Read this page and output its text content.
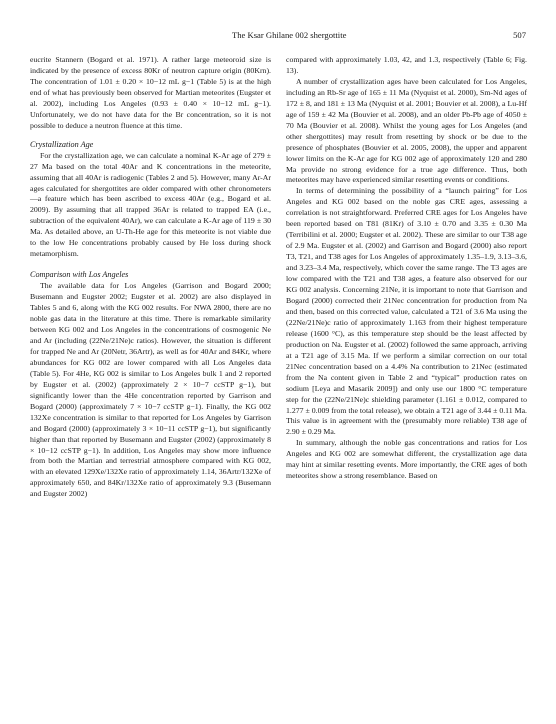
The Ksar Ghilane 002 shergottite	507

eucrite Stannern (Bogard et al. 1971). A rather large meteoroid size is indicated by the presence of excess 80Kr of neutron capture origin (80Krn). The concentration of 1.01 ± 0.20 × 10−12 mL g−1 (Table 5) is at the high end of what has previously been observed for Martian meteorites (Eugster et al. 2002), including Los Angeles (0.93 ± 0.40 × 10−12 mL g−1). Unfortunately, we do not have data for the Br concentration, so it is not possible to deduce a neutron fluence at this time.

Crystallization Age

For the crystallization age, we can calculate a nominal K-Ar age of 279 ± 27 Ma based on the total 40Ar and K concentrations in the meteorite, assuming that all 40Ar is radiogenic (Tables 2 and 5). However, many Ar-Ar ages calculated for shergottites are older compared with other chronometers—a feature which has been ascribed to excess 40Ar (e.g., Bogard et al. 2009). By assuming that all trapped 36Ar is related to trapped EA (i.e., subtraction of the equivalent 40Ar), we can calculate a K-Ar age of 119 ± 30 Ma. As detailed above, an U-Th-He age for this meteorite is not viable due to the low He concentrations probably caused by He loss during shock metamorphism.

Comparison with Los Angeles

The available data for Los Angeles (Garrison and Bogard 2000; Busemann and Eugster 2002; Eugster et al. 2002) are also displayed in Tables 5 and 6, along with the KG 002 results. For NWA 2800, there are no noble gas data in the literature at this time. There is remarkable similarity between KG 002 and Los Angeles in the concentrations of cosmogenic Ne and Ar (including (22Ne/21Ne)c ratios). However, the situation is different for trapped Ne and Ar (20Netr, 36Artr), as well as for 40Ar and 84Kr, where abundances for KG 002 are lower compared with all Los Angeles data (Table 5). For 4He, KG 002 is similar to Los Angeles bulk 1 and 2 reported by Eugster et al. (2002) (approximately 2 × 10−7 ccSTP g−1), but significantly lower than the 4He concentration reported by Garrison and Bogard (2000) (approximately 7 × 10−7 ccSTP g−1). Finally, the KG 002 132Xe concentration is similar to that reported for Los Angeles by Garrison and Bogard (2000) (approximately 3 × 10−11 ccSTP g−1), but significantly higher than that reported by Busemann and Eugster (2002) (approximately 8 × 10−12 ccSTP g−1). In addition, Los Angeles may show more influence from both the Martian and terrestrial atmosphere compared with KG 002, with an elevated 129Xe/132Xe ratio of approximately 1.14, 36Artr/132Xe of approximately 650, and 84Kr/132Xe ratio of approximately 9.3 (Busemann and Eugster 2002)

compared with approximately 1.03, 42, and 1.3, respectively (Table 6; Fig. 13).

A number of crystallization ages have been calculated for Los Angeles, including an Rb-Sr age of 165 ± 11 Ma (Nyquist et al. 2000), Sm-Nd ages of 172 ± 8, and 181 ± 13 Ma (Nyquist et al. 2001; Bouvier et al. 2008), a Lu-Hf age of 159 ± 42 Ma (Bouvier et al. 2008), and an older Pb-Pb age of 4050 ± 70 Ma (Bouvier et al. 2008). Whilst the young ages for Los Angeles (and other shergottites) may result from resetting by shock or be due to the presence of phosphates (Bouvier et al. 2005, 2008), the upper and apparent lower limits on the K-Ar age for KG 002 age of approximately 120 and 280 Ma provide no strong evidence for a true age difference. Thus, both meteorites may have experienced similar resetting events or conditions.

In terms of determining the possibility of a “launch pairing” for Los Angeles and KG 002 based on the noble gas CRE ages, assessing a correlation is not straightforward. Preferred CRE ages for Los Angeles have been reported based on T81 (81Kr) of 3.10 ± 0.70 and 3.35 ± 0.30 Ma (Terribilini et al. 2000; Eugster et al. 2002). These are similar to our T38 age of 2.9 Ma. Eugster et al. (2002) and Garrison and Bogard (2000) also report T3, T21, and T38 ages for Los Angeles of approximately 1.35–1.9, 3.13–3.6, and 3.23–3.4 Ma, respectively, which cover the same range. The T3 ages are low compared with the T21 and T38 ages, a feature also observed for our KG 002 analysis. Concerning 21Ne, it is important to note that Garrison and Bogard (2000) corrected their 21Nec concentration for production from Na and then, based on this corrected value, calculated a T21 of 3.6 Ma using the (22Ne/21Ne)c ratio of approximately 1.163 from their highest temperature release (1600 °C), as this temperature step should be the least affected by production on Na. Eugster et al. (2002) followed the same approach, arriving at a T21 age of 3.15 Ma. If we perform a similar correction on our total 21Nec concentration based on a 4.4% Na contribution to 21Nec (estimated from the Na content given in Table 2 and “typical” production rates on sodium [Leya and Masarik 2009]) and only use our 1800 °C temperature step for the (22Ne/21Ne)c shielding parameter (1.161 ± 0.012, compared to 1.277 ± 0.009 from the total release), we obtain a T21 age of 3.44 ± 0.11 Ma. This value is in agreement with the (presumably more reliable) T38 age of 2.90 ± 0.29 Ma.

In summary, although the noble gas concentrations and ratios for Los Angeles and KG 002 are somewhat different, the crystallization age data may hint at similar resetting events. More importantly, the CRE ages of both meteorites show a strong resemblance. Based on
